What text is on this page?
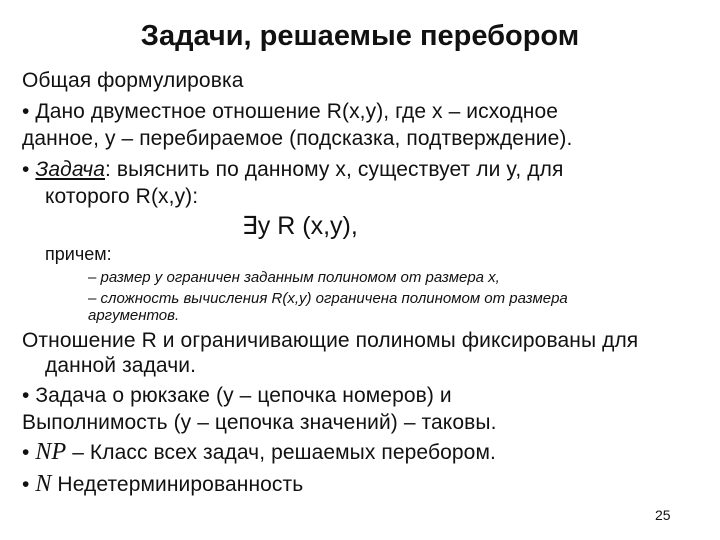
Задачи, решаемые перебором
Общая формулировка
• Дано двуместное отношение R(x,y), где x – исходное
данное, y – перебираемое (подсказка, подтверждение).
• Задача: выяснить по данному x, существует ли y, для
которого R(x,y):
∃y R (x,y),
причем:
– размер y ограничен заданным полиномом от размера x,
– сложность вычисления R(x,y) ограничена полиномом от размера
аргументов.
Отношение R и ограничивающие полиномы фиксированы для
данной задачи.
• Задача о рюкзаке (y – цепочка номеров) и
Выполнимость (y – цепочка значений) – таковы.
• NP – Класс всех задач, решаемых перебором.
• N Недетерминированность
25
